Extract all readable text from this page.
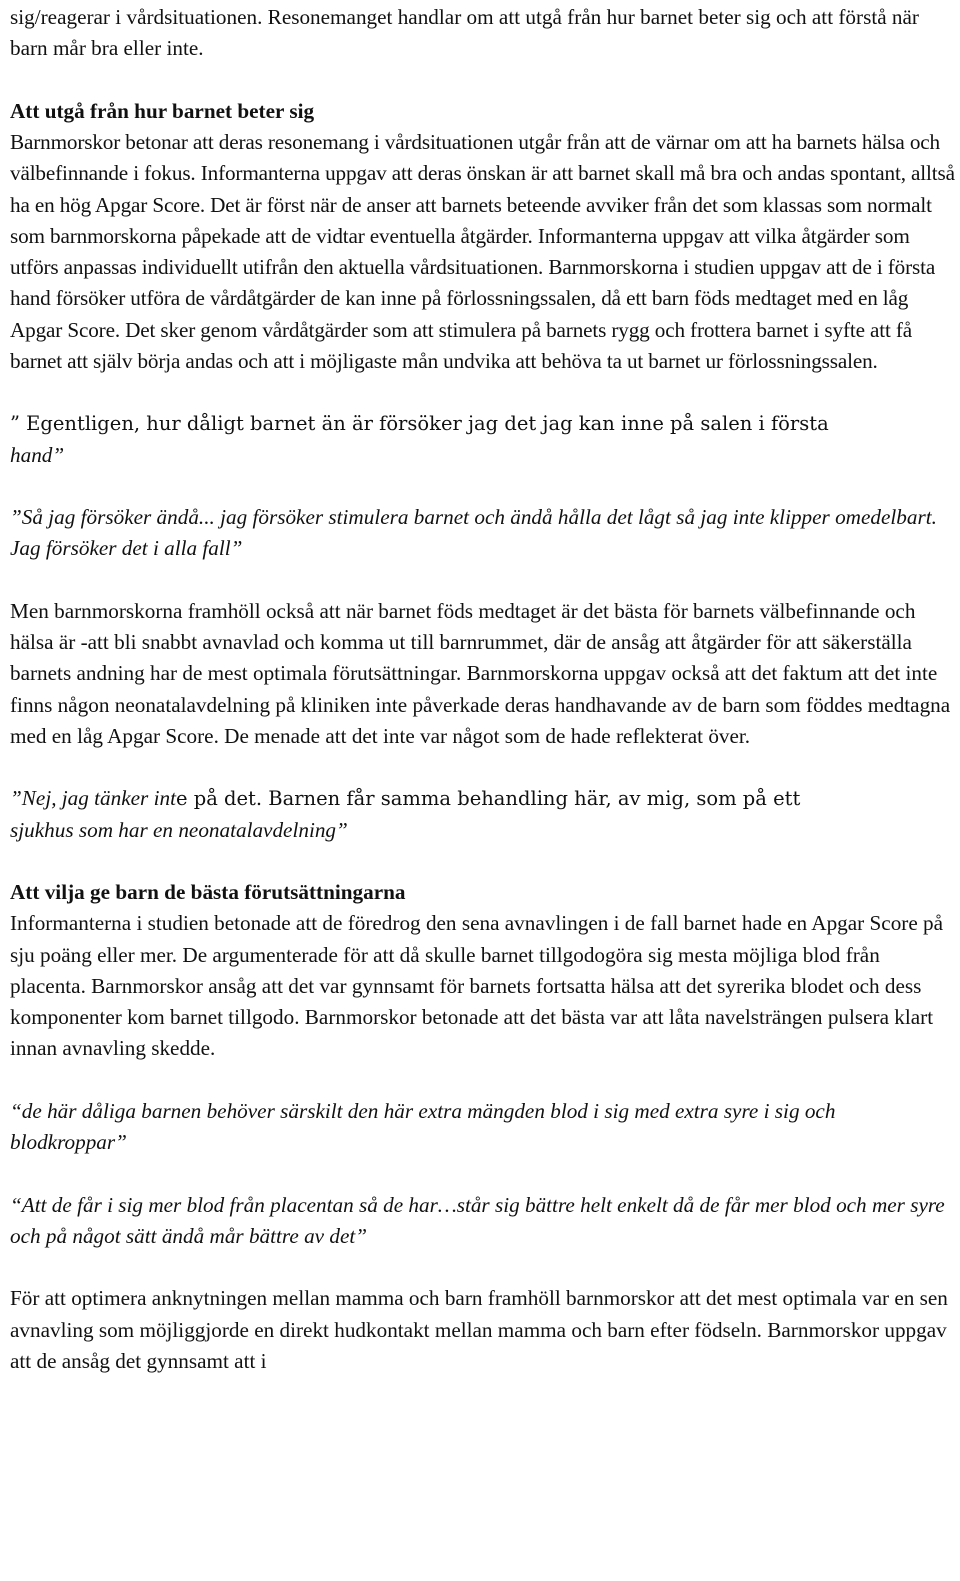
sig/reagerar i vårdsituationen. Resonemanget handlar om att utgå från hur barnet beter sig och att förstå när barn mår bra eller inte.

Att utgå från hur barnet beter sig

Barnmorskor betonar att deras resonemang i vårdsituationen utgår från att de värnar om att ha barnets hälsa och välbefinnande i fokus. Informanterna uppgav att deras önskan är att barnet skall må bra och andas spontant, alltså ha en hög Apgar Score. Det är först när de anser att barnets beteende avviker från det som klassas som normalt som barnmorskorna påpekade att de vidtar eventuella åtgärder. Informanterna uppgav att vilka åtgärder som utförs anpassas individuellt utifrån den aktuella vårdsituationen. Barnmorskorna i studien uppgav att de i första hand försöker utföra de vårdåtgärder de kan inne på förlossningssalen, då ett barn föds medtaget med en låg Apgar Score. Det sker genom vårdåtgärder som att stimulera på barnets rygg och frottera barnet i syfte att få barnet att själv börja andas och att i möjligaste mån undvika att behöva ta ut barnet ur förlossningssalen.

” Egentligen, hur dåligt barnet än är försöker jag det jag kan inne på salen i första
hand”

”Så jag försöker ändå... jag försöker stimulera barnet och ändå hålla det lågt så jag inte klipper omedelbart. Jag försöker det i alla fall”

Men barnmorskorna framhöll också att när barnet föds medtaget är det bästa för barnets välbefinnande och hälsa är -att bli snabbt avnavlad och komma ut till barnrummet, där de ansåg att åtgärder för att säkerställa barnets andning har de mest optimala förutsättningar. Barnmorskorna uppgav också att det faktum att det inte finns någon neonatalavdelning på kliniken inte påverkade deras handhavande av de barn som föddes medtagna med en låg Apgar Score. De menade att det inte var något som de hade reflekterat över.

”Nej, jag tänker inte på det. Barnen får samma behandling här, av mig, som på ett
sjukhus som har en neonatalavdelning”

Att vilja ge barn de bästa förutsättningarna

Informanterna i studien betonade att de föredrog den sena avnavlingen i de fall barnet hade en Apgar Score på sju poäng eller mer. De argumenterade för att då skulle barnet tillgodogöra sig mesta möjliga blod från placenta. Barnmorskor ansåg att det var gynnsamt för barnets fortsatta hälsa att det syrerika blodet och dess komponenter kom barnet tillgodo. Barnmorskor betonade att det bästa var att låta navelsträngen pulsera klart innan avnavling skedde.

“de här dåliga barnen behöver särskilt den här extra mängden blod i sig med extra syre i sig och blodkroppar”

“Att de får i sig mer blod från placentan så de har…står sig bättre helt enkelt då de får mer blod och mer syre och på något sätt ändå mår bättre av det”

För att optimera anknytningen mellan mamma och barn framhöll barnmorskor att det mest optimala var en sen avnavling som möjliggjorde en direkt hudkontakt mellan mamma och barn efter födseln. Barnmorskor uppgav att de ansåg det gynnsamt att i
